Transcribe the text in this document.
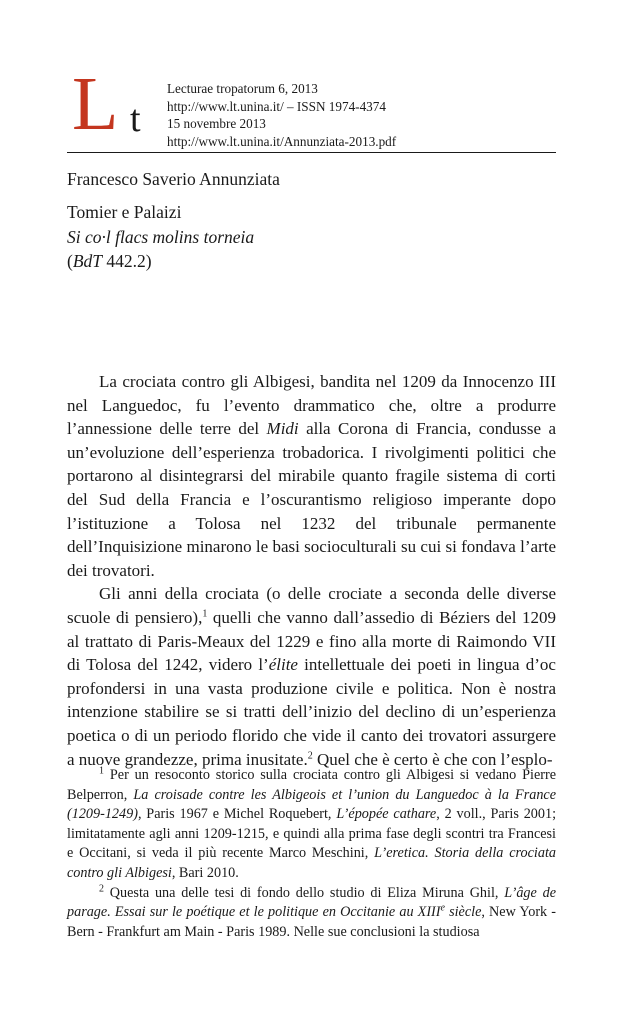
L t
Lecturae tropatorum 6, 2013
http://www.lt.unina.it/ – ISSN 1974-4374
15 novembre 2013
http://www.lt.unina.it/Annunziata-2013.pdf
Francesco Saverio Annunziata
Tomier e Palaizi
Si co·l flacs molins torneia
(BdT 442.2)

La crociata contro gli Albigesi, bandita nel 1209 da Innocenzo III nel Languedoc, fu l’evento drammatico che, oltre a produrre l’annessione delle terre del Midi alla Corona di Francia, condusse a un’evoluzione dell’esperienza trobadorica. I rivolgimenti politici che portarono al disintegrarsi del mirabile quanto fragile sistema di corti del Sud della Francia e l’oscurantismo religioso imperante dopo l’istituzione a Tolosa nel 1232 del tribunale permanente dell’Inquisizione minarono le basi socioculturali su cui si fondava l’arte dei trovatori.

Gli anni della crociata (o delle crociate a seconda delle diverse scuole di pensiero),$^1$ quelli che vanno dall’assedio di Béziers del 1209 al trattato di Paris-Meaux del 1229 e fino alla morte di Raimondo VII di Tolosa del 1242, videro l’élite intellettuale dei poeti in lingua d’oc profondersi in una vasta produzione civile e politica. Non è nostra intenzione stabilire se si tratti dell’inizio del declino di un’esperienza poetica o di un periodo florido che vide il canto dei trovatori assurgere a nuove grandezze, prima inusitate.$^2$ Quel che è certo è che con l’esplo-

$^1$ Per un resoconto storico sulla crociata contro gli Albigesi si vedano Pierre Belperron, La croisade contre les Albigeois et l’union du Languedoc à la France (1209-1249), Paris 1967 e Michel Roquebert, L’épopée cathare, 2 voll., Paris 2001; limitatamente agli anni 1209-1215, e quindi alla prima fase degli scontri tra Francesi e Occitani, si veda il più recente Marco Meschini, L’eretica. Storia della crociata contro gli Albigesi, Bari 2010.

$^2$ Questa una delle tesi di fondo dello studio di Eliza Miruna Ghil, L’âge de parage. Essai sur le poétique et le politique en Occitanie au XIIIe siècle, New York - Bern - Frankfurt am Main - Paris 1989. Nelle sue conclusioni la studiosa
